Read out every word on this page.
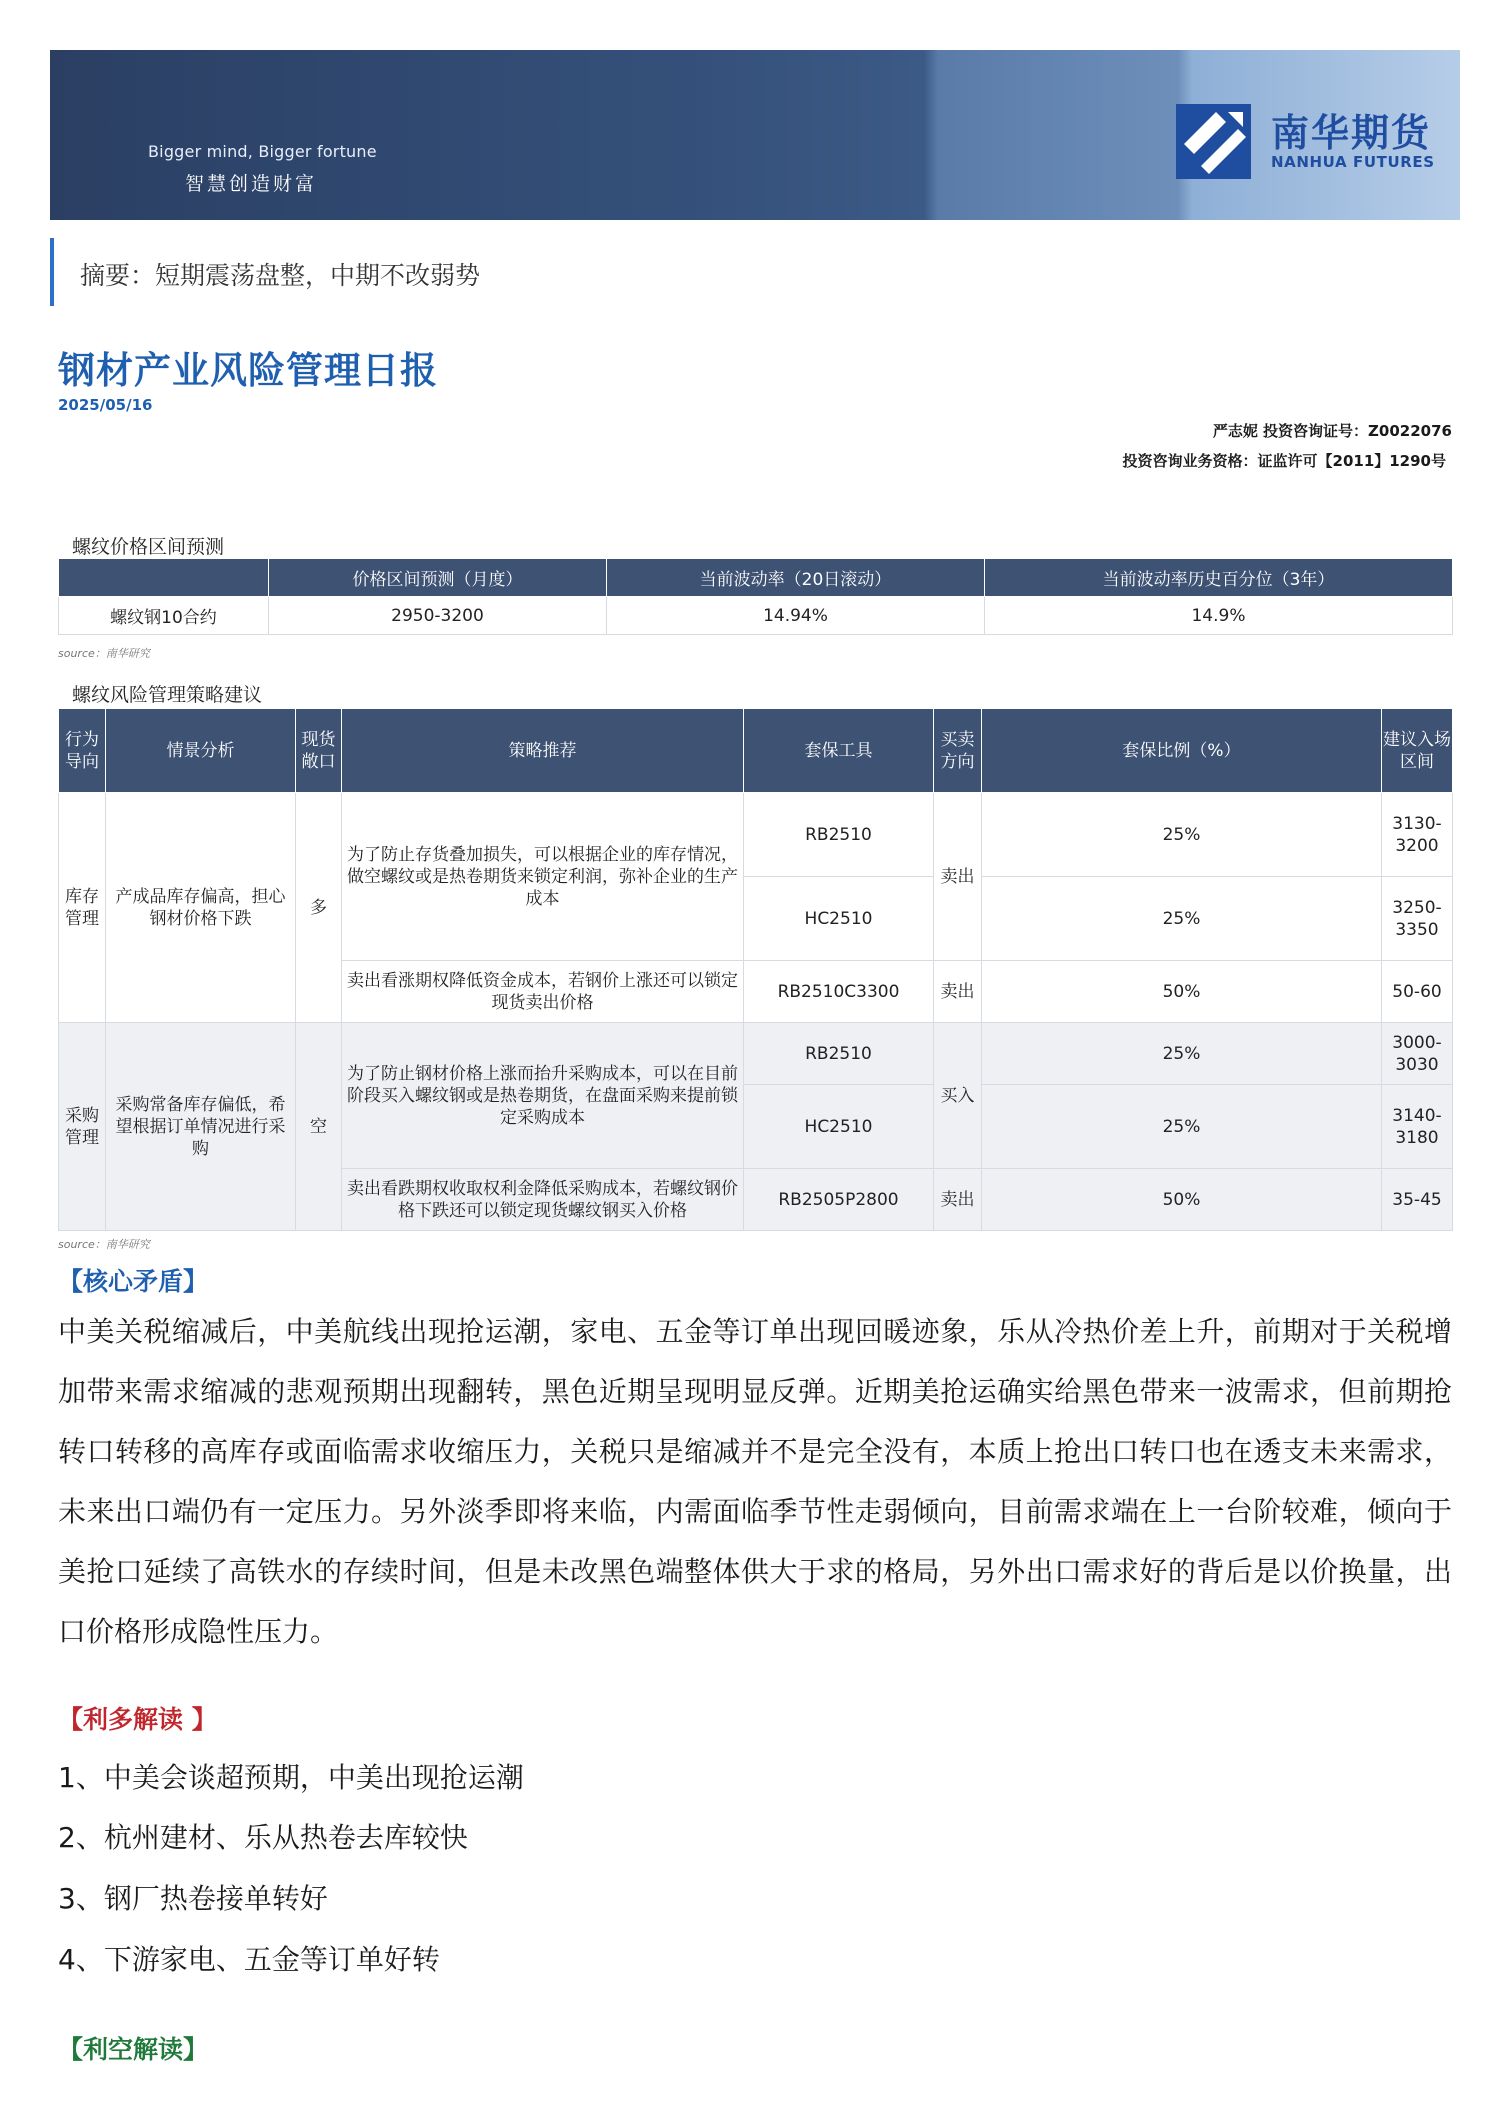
Bigger mind, Bigger fortune
智慧创造财富
南华期货
NANHUA FUTURES
摘要：短期震荡盘整，中期不改弱势
钢材产业风险管理日报
2025/05/16
严志妮 投资咨询证号：Z0022076
投资咨询业务资格：证监许可【2011】1290号
螺纹价格区间预测
	价格区间预测（月度）	当前波动率（20日滚动）	当前波动率历史百分位（3年）
螺纹钢10合约	2950-3200	14.94%	14.9%
source：南华研究
螺纹风险管理策略建议
行为导向	情景分析	现货敞口	策略推荐	套保工具	买卖方向	套保比例（%）	建议入场区间
库存管理	产成品库存偏高，担心钢材价格下跌	多	为了防止存货叠加损失，可以根据企业的库存情况，做空螺纹或是热卷期货来锁定利润，弥补企业的生产成本	RB2510	卖出	25%	3130-3200
				HC2510		25%	3250-3350
			卖出看涨期权降低资金成本，若钢价上涨还可以锁定现货卖出价格	RB2510C3300	卖出	50%	50-60
采购管理	采购常备库存偏低，希望根据订单情况进行采购	空	为了防止钢材价格上涨而抬升采购成本，可以在目前阶段买入螺纹钢或是热卷期货，在盘面采购来提前锁定采购成本	RB2510	买入	25%	3000-3030
				HC2510		25%	3140-3180
			卖出看跌期权收取权利金降低采购成本，若螺纹钢价格下跌还可以锁定现货螺纹钢买入价格	RB2505P2800	卖出	50%	35-45
source：南华研究
【核心矛盾】
中美关税缩减后，中美航线出现抢运潮，家电、五金等订单出现回暖迹象，乐从冷热价差上升，前期对于关税增加带来需求缩减的悲观预期出现翻转，黑色近期呈现明显反弹。近期美抢运确实给黑色带来一波需求，但前期抢转口转移的高库存或面临需求收缩压力，关税只是缩减并不是完全没有，本质上抢出口转口也在透支未来需求，未来出口端仍有一定压力。另外淡季即将来临，内需面临季节性走弱倾向，目前需求端在上一台阶较难，倾向于美抢口延续了高铁水的存续时间，但是未改黑色端整体供大于求的格局，另外出口需求好的背后是以价换量，出口价格形成隐性压力。
【利多解读 】
1、中美会谈超预期，中美出现抢运潮
2、杭州建材、乐从热卷去库较快
3、钢厂热卷接单转好
4、下游家电、五金等订单好转
【利空解读】
